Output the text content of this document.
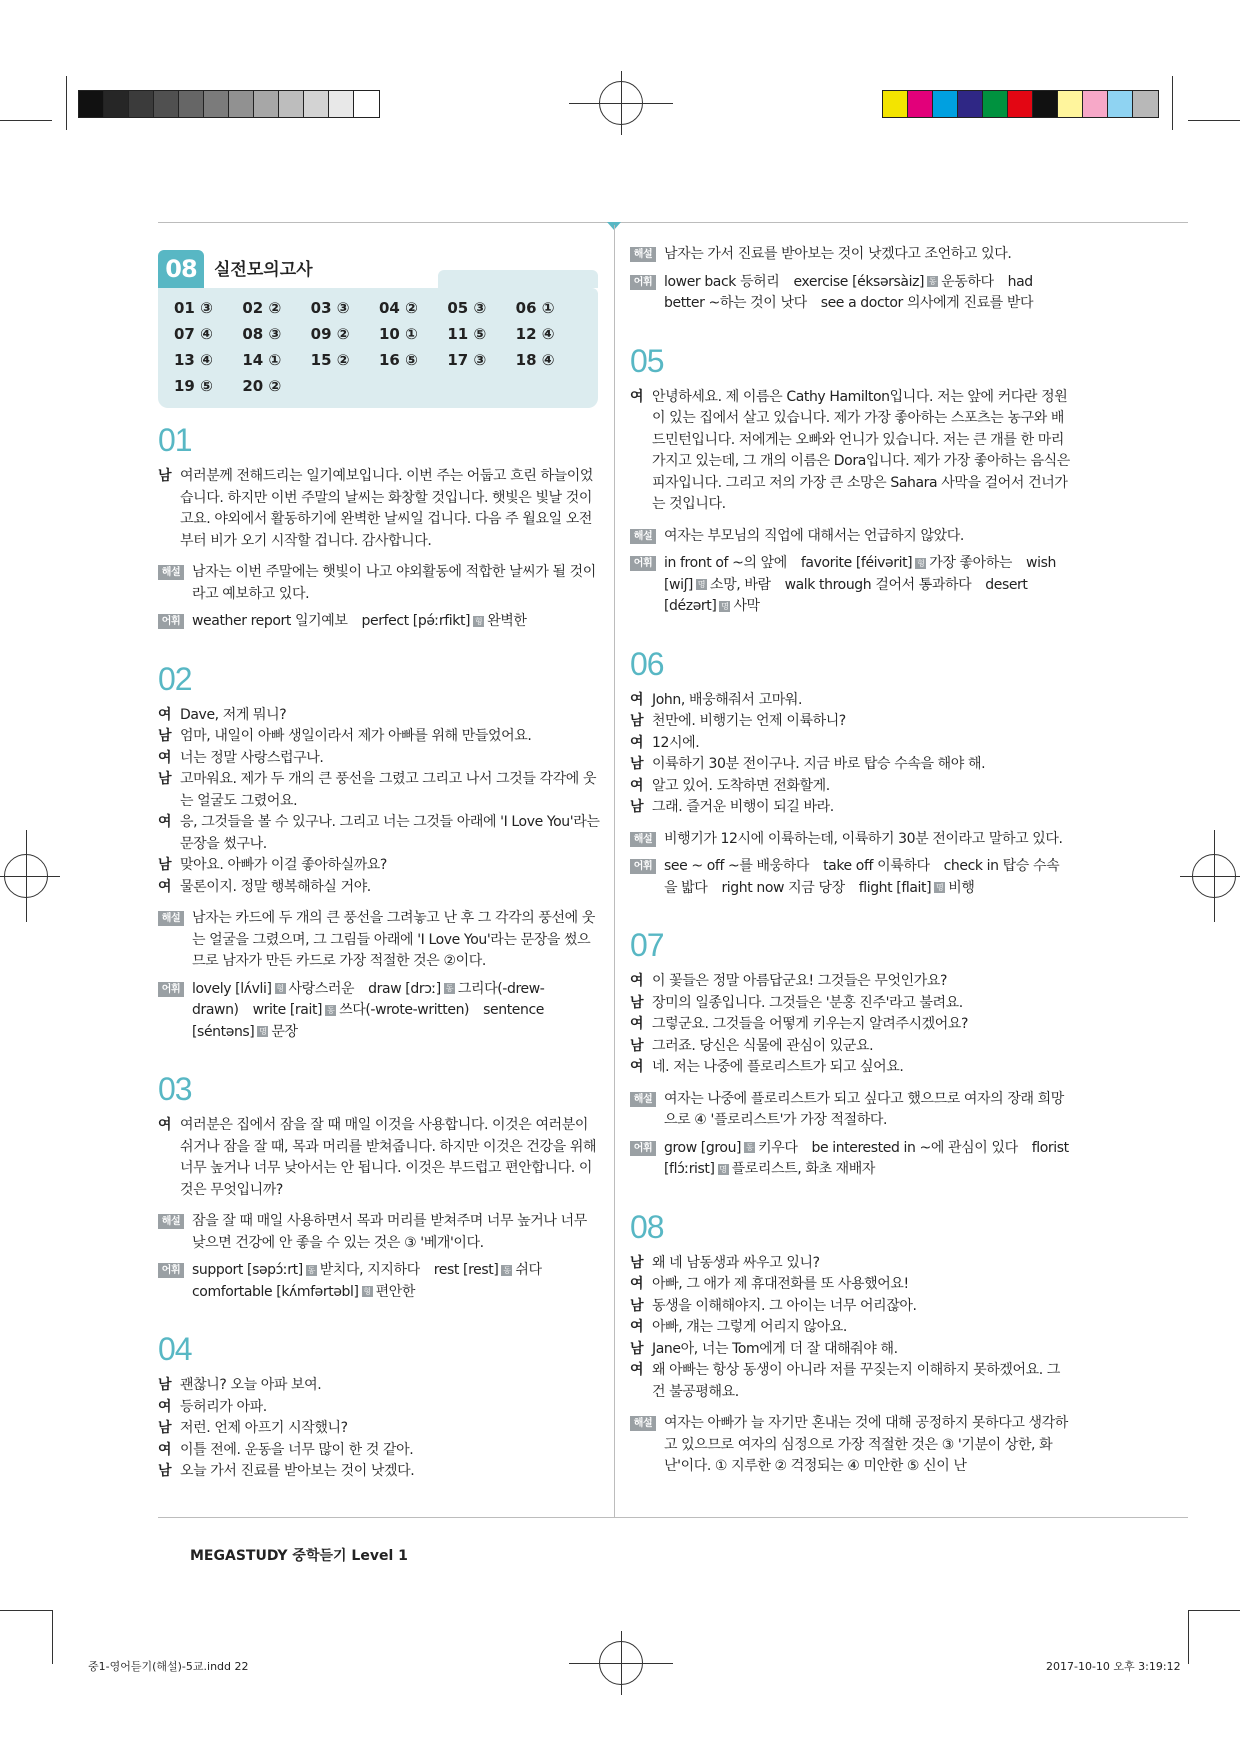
08	실전모의고사
01 ③	02 ②	03 ③	04 ②	05 ③	06 ①
07 ④	08 ③	09 ②	10 ①	11 ⑤	12 ④
13 ④	14 ①	15 ②	16 ⑤	17 ③	18 ④
19 ⑤	20 ②
01
남 여러분께 전해드리는 일기예보입니다. 이번 주는 어둡고 흐린 하늘이었습니다. 하지만 이번 주말의 날씨는 화창할 것입니다. 햇빛은 빛날 것이고요. 야외에서 활동하기에 완벽한 날씨일 겁니다. 다음 주 월요일 오전부터 비가 오기 시작할 겁니다. 감사합니다.
해설 남자는 이번 주말에는 햇빛이 나고 야외활동에 적합한 날씨가 될 것이라고 예보하고 있다.
어휘 weather report 일기예보 perfect [pə́ːrfikt] 형 완벽한
02
여 Dave, 저게 뭐니?
남 엄마, 내일이 아빠 생일이라서 제가 아빠를 위해 만들었어요.
여 너는 정말 사랑스럽구나.
남 고마워요. 제가 두 개의 큰 풍선을 그렸고 그리고 나서 그것들 각각에 웃는 얼굴도 그렸어요.
여 응, 그것들을 볼 수 있구나. 그리고 너는 그것들 아래에 'I Love You'라는 문장을 썼구나.
남 맞아요. 아빠가 이걸 좋아하실까요?
여 물론이지. 정말 행복해하실 거야.
해설 남자는 카드에 두 개의 큰 풍선을 그려놓고 난 후 그 각각의 풍선에 웃는 얼굴을 그렸으며, 그 그림들 아래에 'I Love You'라는 문장을 썼으므로 남자가 만든 카드로 가장 적절한 것은 ②이다.
어휘 lovely [lʌ́vli] 형 사랑스러운 draw [drɔː] 동 그리다(-drew-drawn) write [rait] 동 쓰다(-wrote-written) sentence [séntəns] 명 문장
03
여 여러분은 집에서 잠을 잘 때 매일 이것을 사용합니다. 이것은 여러분이 쉬거나 잠을 잘 때, 목과 머리를 받쳐줍니다. 하지만 이것은 건강을 위해 너무 높거나 너무 낮아서는 안 됩니다. 이것은 부드럽고 편안합니다. 이것은 무엇입니까?
해설 잠을 잘 때 매일 사용하면서 목과 머리를 받쳐주며 너무 높거나 너무 낮으면 건강에 안 좋을 수 있는 것은 ③ '베개'이다.
어휘 support [səpɔ́ːrt] 동 받치다, 지지하다 rest [rest] 동 쉬다comfortable [kʌ́mfərtəbl] 형 편안한
04
남 괜찮니? 오늘 아파 보여.
여 등허리가 아파.
남 저런. 언제 아프기 시작했니?
여 이틀 전에. 운동을 너무 많이 한 것 같아.
남 오늘 가서 진료를 받아보는 것이 낫겠다.
해설 남자는 가서 진료를 받아보는 것이 낫겠다고 조언하고 있다.
어휘 lower back 등허리 exercise [éksərsàiz] 동 운동하다 had better ~하는 것이 낫다 see a doctor 의사에게 진료를 받다
05
여 안녕하세요. 제 이름은 Cathy Hamilton입니다. 저는 앞에 커다란 정원이 있는 집에서 살고 있습니다. 제가 가장 좋아하는 스포츠는 농구와 배드민턴입니다. 저에게는 오빠와 언니가 있습니다. 저는 큰 개를 한 마리 가지고 있는데, 그 개의 이름은 Dora입니다. 제가 가장 좋아하는 음식은 피자입니다. 그리고 저의 가장 큰 소망은 Sahara 사막을 걸어서 건너가는 것입니다.
해설 여자는 부모님의 직업에 대해서는 언급하지 않았다.
어휘 in front of ~의 앞에 favorite [féivərit] 형 가장 좋아하는 wish [wiʃ] 명 소망, 바람 walk through 걸어서 통과하다 desert [dézərt] 명 사막
06
여 John, 배웅해줘서 고마워.
남 천만에. 비행기는 언제 이륙하니?
여 12시에.
남 이륙하기 30분 전이구나. 지금 바로 탑승 수속을 해야 해.
여 알고 있어. 도착하면 전화할게.
남 그래. 즐거운 비행이 되길 바라.
해설 비행기가 12시에 이륙하는데, 이륙하기 30분 전이라고 말하고 있다.
어휘 see ~ off ~를 배웅하다 take off 이륙하다 check in 탑승 수속을 밟다 right now 지금 당장 flight [flait] 명 비행
07
여 이 꽃들은 정말 아름답군요! 그것들은 무엇인가요?
남 장미의 일종입니다. 그것들은 '분홍 진주'라고 불려요.
여 그렇군요. 그것들을 어떻게 키우는지 알려주시겠어요?
남 그러죠. 당신은 식물에 관심이 있군요.
여 네. 저는 나중에 플로리스트가 되고 싶어요.
해설 여자는 나중에 플로리스트가 되고 싶다고 했으므로 여자의 장래 희망으로 ④ '플로리스트'가 가장 적절하다.
어휘 grow [grou] 동 키우다 be interested in ~에 관심이 있다 florist [flɔ́ːrist] 명 플로리스트, 화초 재배자
08
남 왜 네 남동생과 싸우고 있니?
여 아빠, 그 애가 제 휴대전화를 또 사용했어요!
남 동생을 이해해야지. 그 아이는 너무 어리잖아.
여 아빠, 걔는 그렇게 어리지 않아요.
남 Jane아, 너는 Tom에게 더 잘 대해줘야 해.
여 왜 아빠는 항상 동생이 아니라 저를 꾸짖는지 이해하지 못하겠어요. 그건 불공평해요.
해설 여자는 아빠가 늘 자기만 혼내는 것에 대해 공정하지 못하다고 생각하고 있으므로 여자의 심정으로 가장 적절한 것은 ③ '기분이 상한, 화난'이다. ① 지루한 ② 걱정되는 ④ 미안한 ⑤ 신이 난
MEGASTUDY 중학듣기 Level 1
중1-영어듣기(해설)-5교.indd 22	2017-10-10 오후 3:19:12
